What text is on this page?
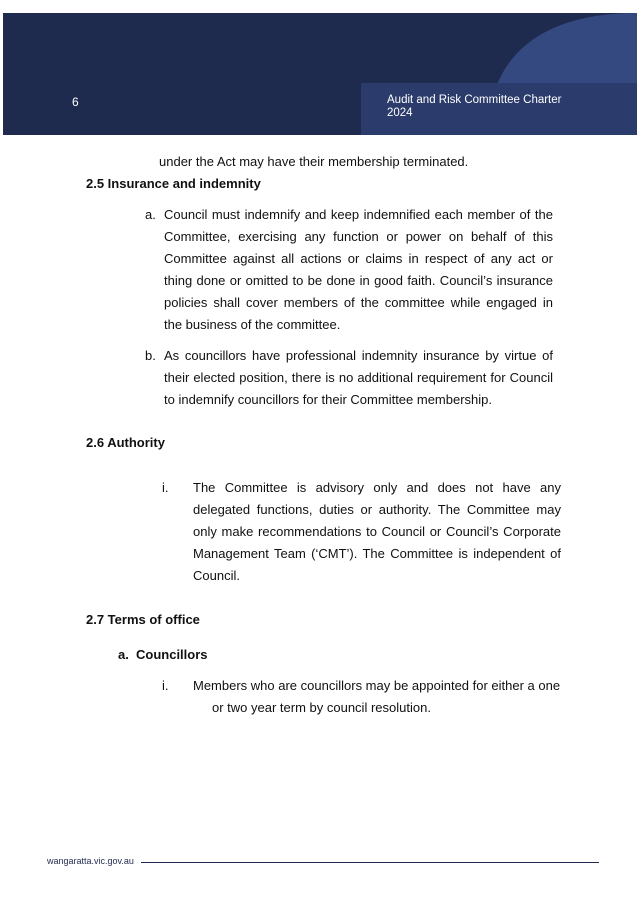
6	Audit and Risk Committee Charter 2024
under the Act may have their membership terminated.
2.5 Insurance and indemnity
a. Council must indemnify and keep indemnified each member of the Committee, exercising any function or power on behalf of this Committee against all actions or claims in respect of any act or thing done or omitted to be done in good faith. Council’s insurance policies shall cover members of the committee while engaged in the business of the committee.
b. As councillors have professional indemnity insurance by virtue of their elected position, there is no additional requirement for Council to indemnify councillors for their Committee membership.
2.6 Authority
i. The Committee is advisory only and does not have any delegated functions, duties or authority. The Committee may only make recommendations to Council or Council’s Corporate Management Team (‘CMT’). The Committee is independent of Council.
2.7 Terms of office
a. Councillors
i. Members who are councillors may be appointed for either a one
or two year term by council resolution.
wangaratta.vic.gov.au
